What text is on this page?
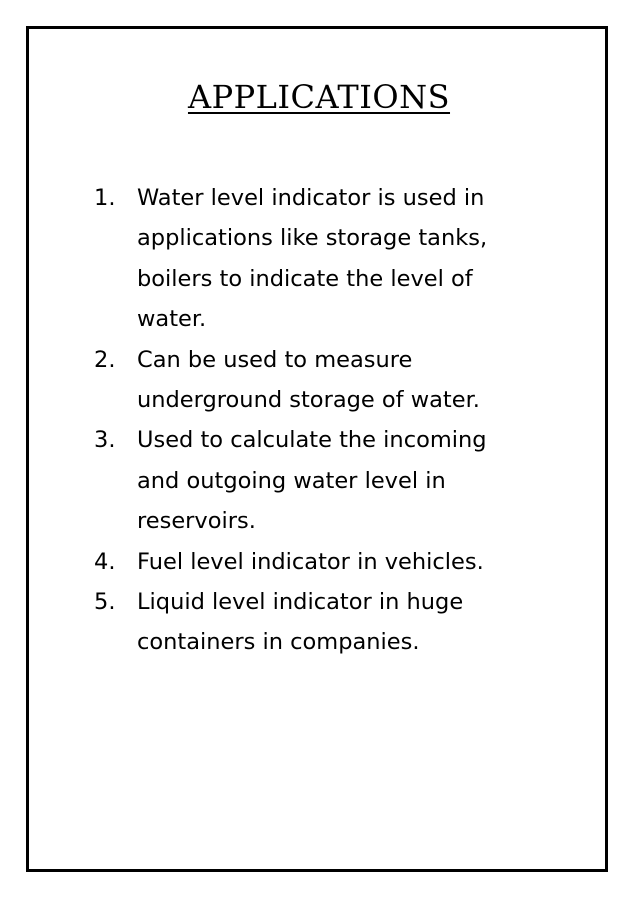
APPLICATIONS
1. Water level indicator is used in
applications like storage tanks,
boilers to indicate the level of
water.
2. Can be used to measure
underground storage of water.
3. Used to calculate the incoming
and outgoing water level in
reservoirs.
4. Fuel level indicator in vehicles.
5. Liquid level indicator in huge
containers in companies.
